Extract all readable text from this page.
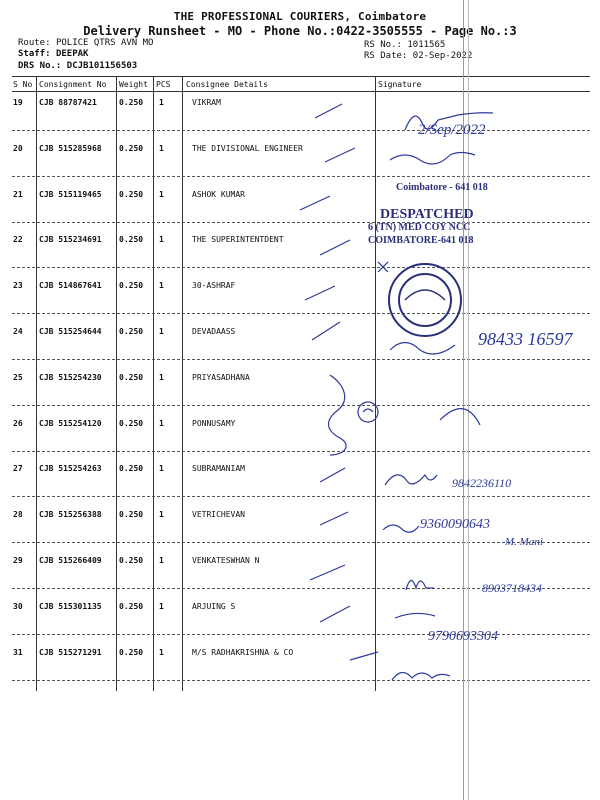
THE PROFESSIONAL COURIERS, Coimbatore
Delivery Runsheet - MO - Phone No.:0422-3505555 - Page No.:3
Route: POLICE QTRS AVN MO
Staff: DEEPAK
DRS No.: DCJB101156503
RS No.: 1011565
RS Date: 02-Sep-2022
S No Consignment No Weight PCS Consignee Details	Signature
19 CJB 88787421	0.250 1	VIKRAM
20 CJB 515285968 0.250 1	THE DIVISIONAL ENGINEER
21 CJB 515119465 0.250 1	ASHOK KUMAR
22 CJB 515234691 0.250 1	THE SUPERINTENTDENT
23 CJB 514867641 0.250 1	30-ASHRAF
24 CJB 515254644 0.250 1	DEVADAASS
25 CJB 515254230 0.250 1	PRIYASADHANA
26 CJB 515254120 0.250 1	PONNUSAMY
27 CJB 515254263 0.250 1	SUBRAMANIAM
28 CJB 515256388 0.250 1	VETRICHEVAN
29 CJB 515266409 0.250 1	VENKATESWHAN N
30 CJB 515301135 0.250 1	ARJUING S
31 CJB 515271291 0.250 1	M/S RADHAKRISHNA & CO
2/Sep/2022
98433 16597
9842236110
9360090643
M. Mani
8903718434
9790693304
Coimbatore - 641 018
DESPATCHED
6 (TN) MED COY NCC
COIMBATORE-641 018
